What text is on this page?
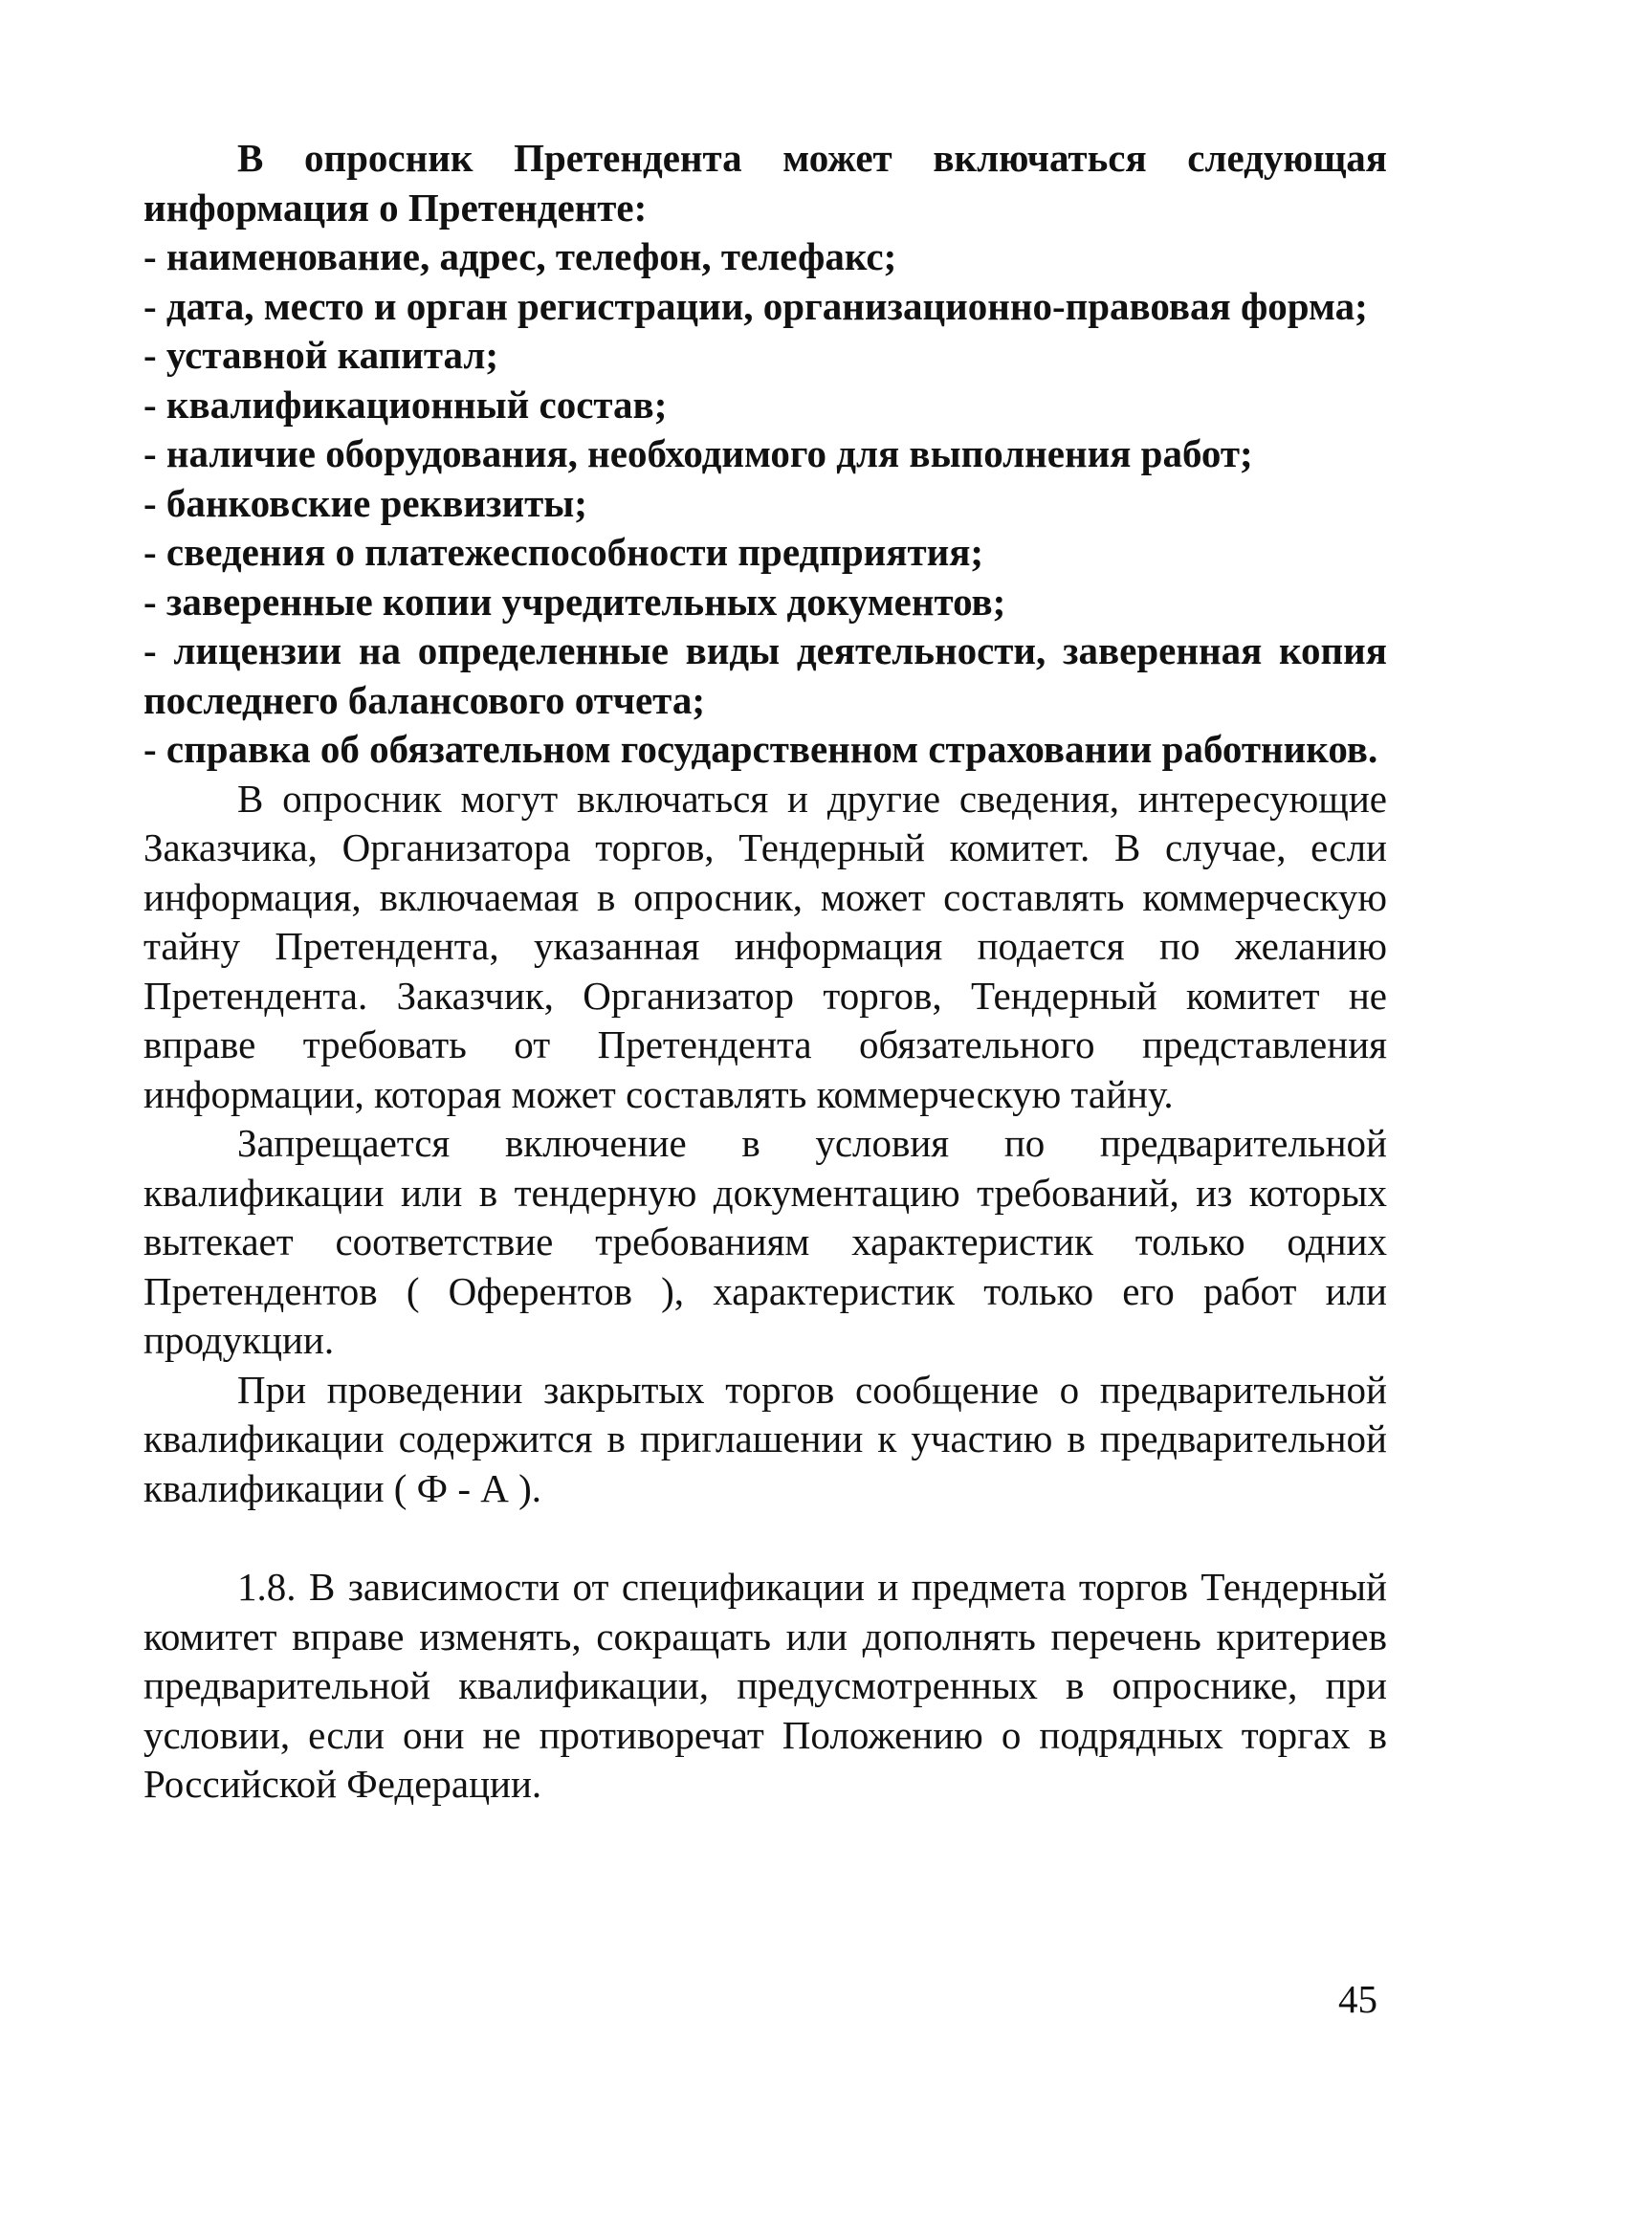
В опросник Претендента может включаться следующая информация о Претенденте:

- наименование, адрес, телефон, телефакс;
- дата, место и орган регистрации, организационно-правовая форма;
- уставной капитал;
- квалификационный состав;
- наличие оборудования, необходимого для выполнения работ;
- банковские реквизиты;
- сведения о платежеспособности предприятия;
- заверенные копии учредительных документов;
- лицензии на определенные виды деятельности, заверенная копия последнего балансового отчета;
- справка об обязательном государственном страховании работников.

В опросник могут включаться и другие сведения, интересующие Заказчика, Организатора торгов, Тендерный комитет. В случае, если информация, включаемая в опросник, может составлять коммерческую тайну Претендента, указанная информация подается по желанию Претендента. Заказчик, Организатор торгов, Тендерный комитет не вправе требовать от Претендента обязательного представления информации, которая может составлять коммерческую тайну.

Запрещается включение в условия по предварительной квалификации или в тендерную документацию требований, из которых вытекает соответствие требованиям характеристик только одних Претендентов ( Оферентов ), характеристик только его работ или продукции.

При проведении закрытых торгов сообщение о предварительной квалификации содержится в приглашении к участию в предварительной квалификации ( Ф - А ).

1.8. В зависимости от спецификации и предмета торгов Тендерный комитет вправе изменять, сокращать или дополнять перечень критериев предварительной квалификации, предусмотренных в опроснике, при условии, если они не противоречат Положению о подрядных торгах в Российской Федерации.

45
